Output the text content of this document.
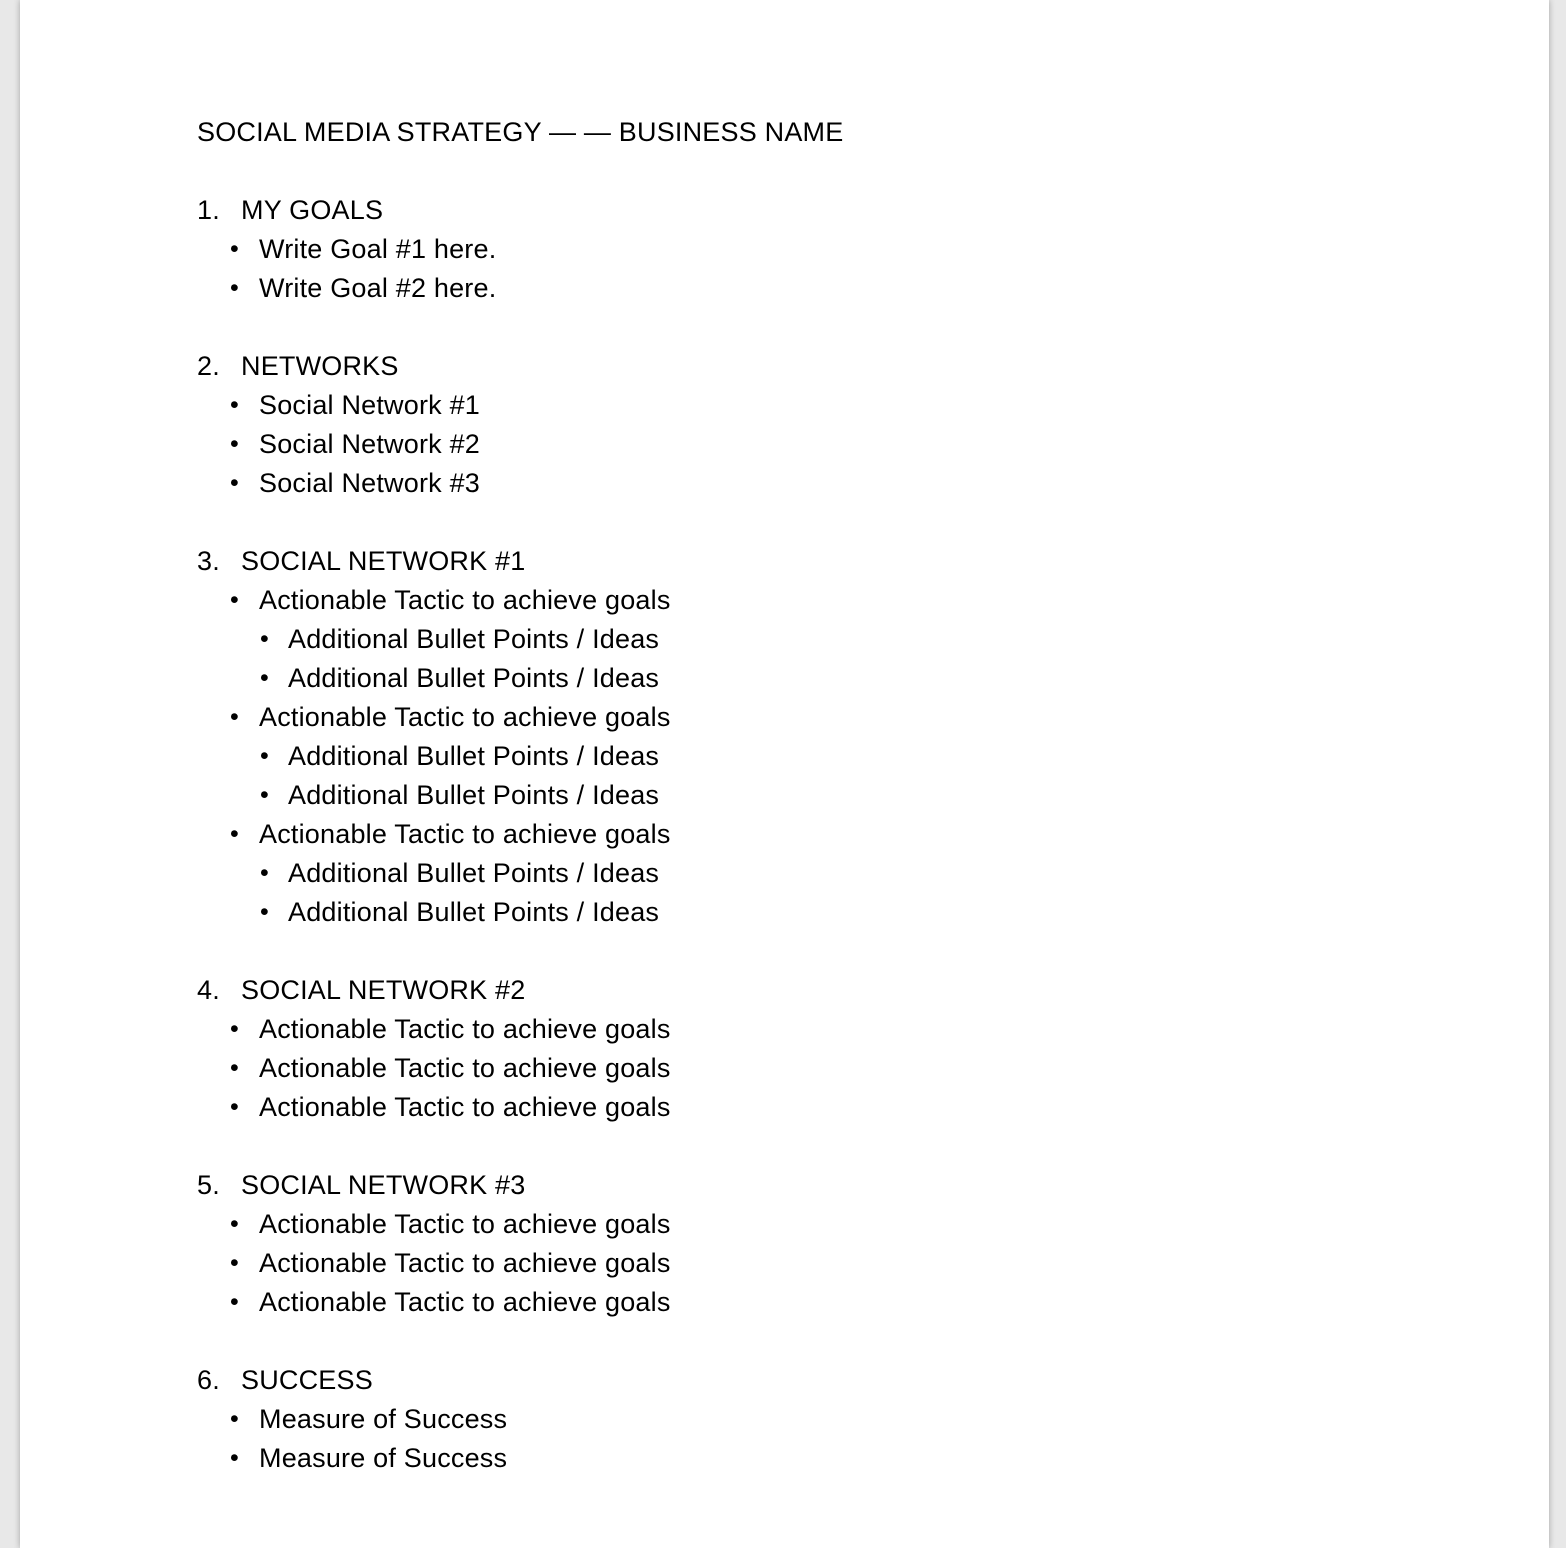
SOCIAL MEDIA STRATEGY — — BUSINESS NAME

1.

MY GOALS

•

Write Goal #1 here.

•

Write Goal #2 here.

2.

NETWORKS

•

Social Network #1

•

Social Network #2

•

Social Network #3

3.

SOCIAL NETWORK #1

•

Actionable Tactic to achieve goals

•

Additional Bullet Points / Ideas

•

Additional Bullet Points / Ideas

•

Actionable Tactic to achieve goals

•

Additional Bullet Points / Ideas

•

Additional Bullet Points / Ideas

•

Actionable Tactic to achieve goals

•

Additional Bullet Points / Ideas

•

Additional Bullet Points / Ideas

4.

SOCIAL NETWORK #2

•

Actionable Tactic to achieve goals

•

Actionable Tactic to achieve goals

•

Actionable Tactic to achieve goals

5.

SOCIAL NETWORK #3

•

Actionable Tactic to achieve goals

•

Actionable Tactic to achieve goals

•

Actionable Tactic to achieve goals

6.

SUCCESS

•

Measure of Success

•

Measure of Success
